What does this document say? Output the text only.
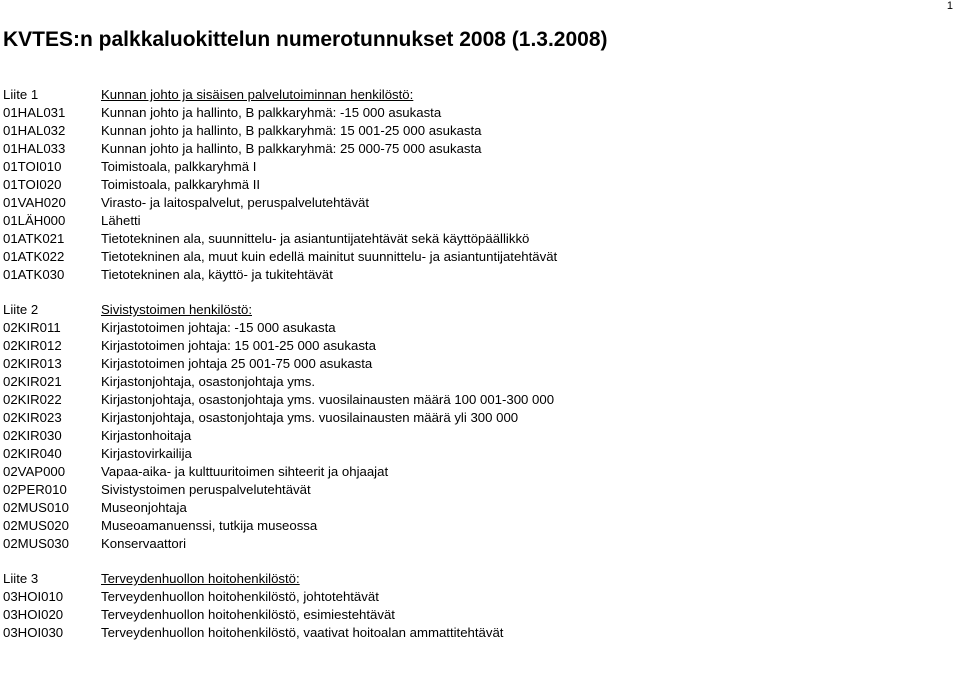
1
KVTES:n palkkaluokittelun numerotunnukset 2008 (1.3.2008)
Liite 1	Kunnan johto ja sisäisen palvelutoiminnan henkilöstö:
01HAL031	Kunnan johto ja hallinto, B palkkaryhmä: -15 000 asukasta
01HAL032	Kunnan johto ja hallinto, B palkkaryhmä: 15 001-25 000 asukasta
01HAL033	Kunnan johto ja hallinto, B palkkaryhmä: 25 000-75 000 asukasta
01TOI010	Toimistoala, palkkaryhmä I
01TOI020	Toimistoala, palkkaryhmä II
01VAH020	Virasto- ja laitospalvelut, peruspalvelutehtävät
01LÄH000	Lähetti
01ATK021	Tietotekninen ala, suunnittelu- ja asiantuntijatehtävät sekä käyttöpäällikkö
01ATK022	Tietotekninen ala, muut kuin edellä mainitut suunnittelu- ja asiantuntijatehtävät
01ATK030	Tietotekninen ala, käyttö- ja tukitehtävät
Liite 2	Sivistystoimen henkilöstö:
02KIR011	Kirjastotoimen johtaja: -15 000 asukasta
02KIR012	Kirjastotoimen johtaja: 15 001-25 000 asukasta
02KIR013	Kirjastotoimen johtaja 25 001-75 000 asukasta
02KIR021	Kirjastonjohtaja, osastonjohtaja yms.
02KIR022	Kirjastonjohtaja, osastonjohtaja yms. vuosilainausten määrä 100 001-300 000
02KIR023	Kirjastonjohtaja, osastonjohtaja yms. vuosilainausten määrä yli 300 000
02KIR030	Kirjastonhoitaja
02KIR040	Kirjastovirkailija
02VAP000	Vapaa-aika- ja kulttuuritoimen sihteerit ja ohjaajat
02PER010	Sivistystoimen peruspalvelutehtävät
02MUS010	Museonjohtaja
02MUS020	Museoamanuenssi, tutkija museossa
02MUS030	Konservaattori
Liite 3	Terveydenhuollon hoitohenkilöstö:
03HOI010	Terveydenhuollon hoitohenkilöstö, johtotehtävät
03HOI020	Terveydenhuollon hoitohenkilöstö, esimiestehtävät
03HOI030	Terveydenhuollon hoitohenkilöstö, vaativat hoitoalan ammattitehtävät
